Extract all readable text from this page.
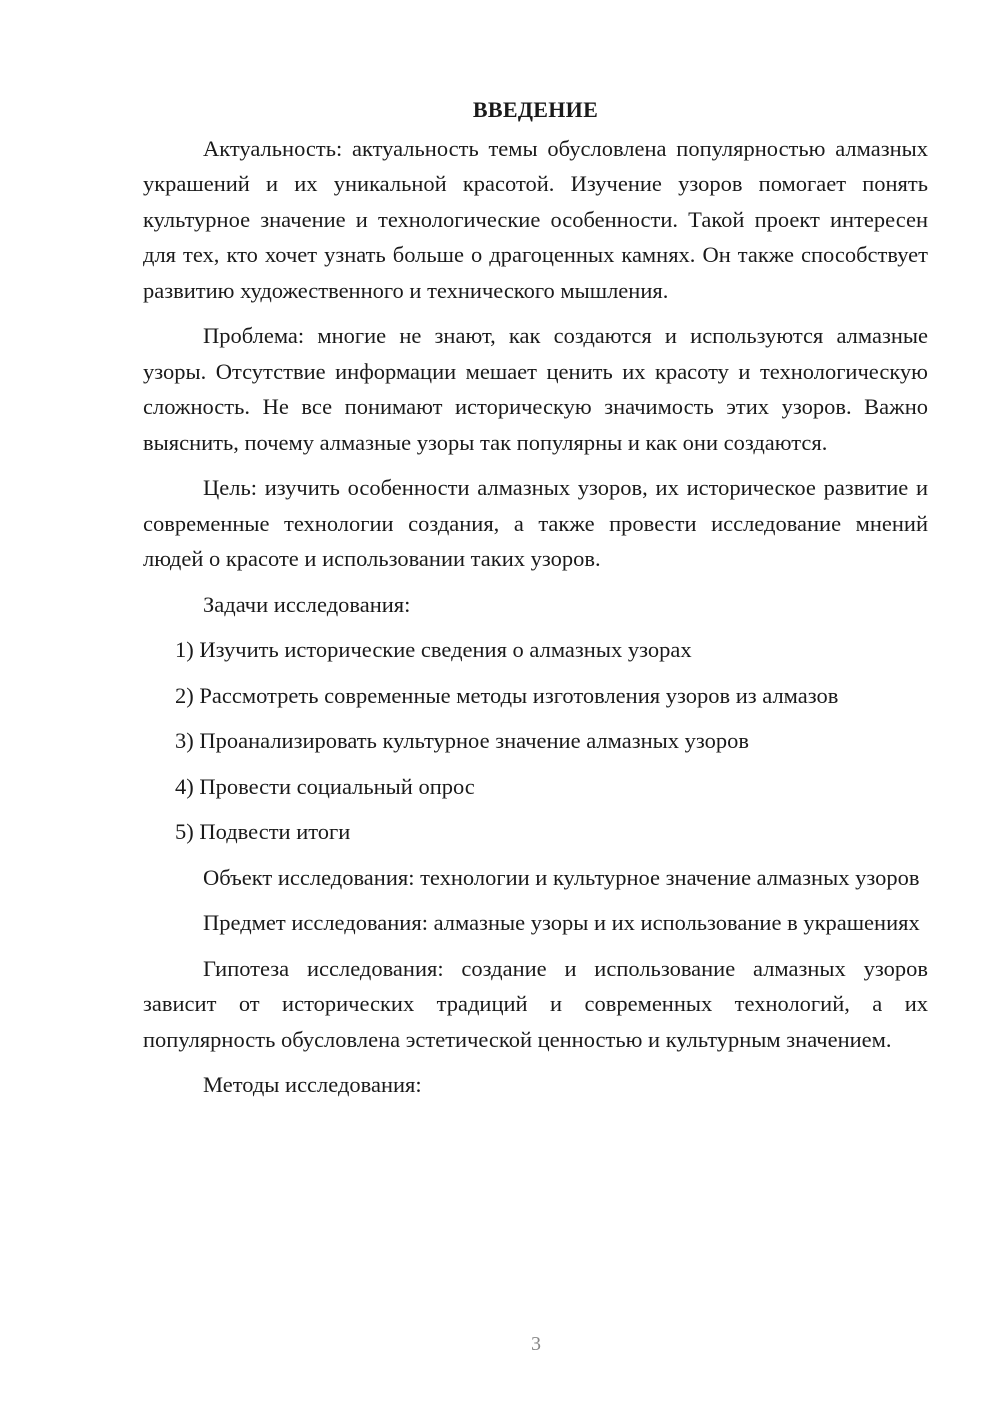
ВВЕДЕНИЕ
Актуальность: актуальность темы обусловлена популярностью алмазных украшений и их уникальной красотой. Изучение узоров помогает понять культурное значение и технологические особенности. Такой проект интересен для тех, кто хочет узнать больше о драгоценных камнях. Он также способствует развитию художественного и технического мышления.
Проблема: многие не знают, как создаются и используются алмазные узоры. Отсутствие информации мешает ценить их красоту и технологическую сложность. Не все понимают историческую значимость этих узоров. Важно выяснить, почему алмазные узоры так популярны и как они создаются.
Цель: изучить особенности алмазных узоров, их историческое развитие и современные технологии создания, а также провести исследование мнений людей о красоте и использовании таких узоров.
Задачи исследования:
1) Изучить исторические сведения о алмазных узорах
2) Рассмотреть современные методы изготовления узоров из алмазов
3) Проанализировать культурное значение алмазных узоров
4) Провести социальный опрос
5) Подвести итоги
Объект исследования: технологии и культурное значение алмазных узоров
Предмет исследования: алмазные узоры и их использование в украшениях
Гипотеза исследования: создание и использование алмазных узоров зависит от исторических традиций и современных технологий, а их популярность обусловлена эстетической ценностью и культурным значением.
Методы исследования:
3
